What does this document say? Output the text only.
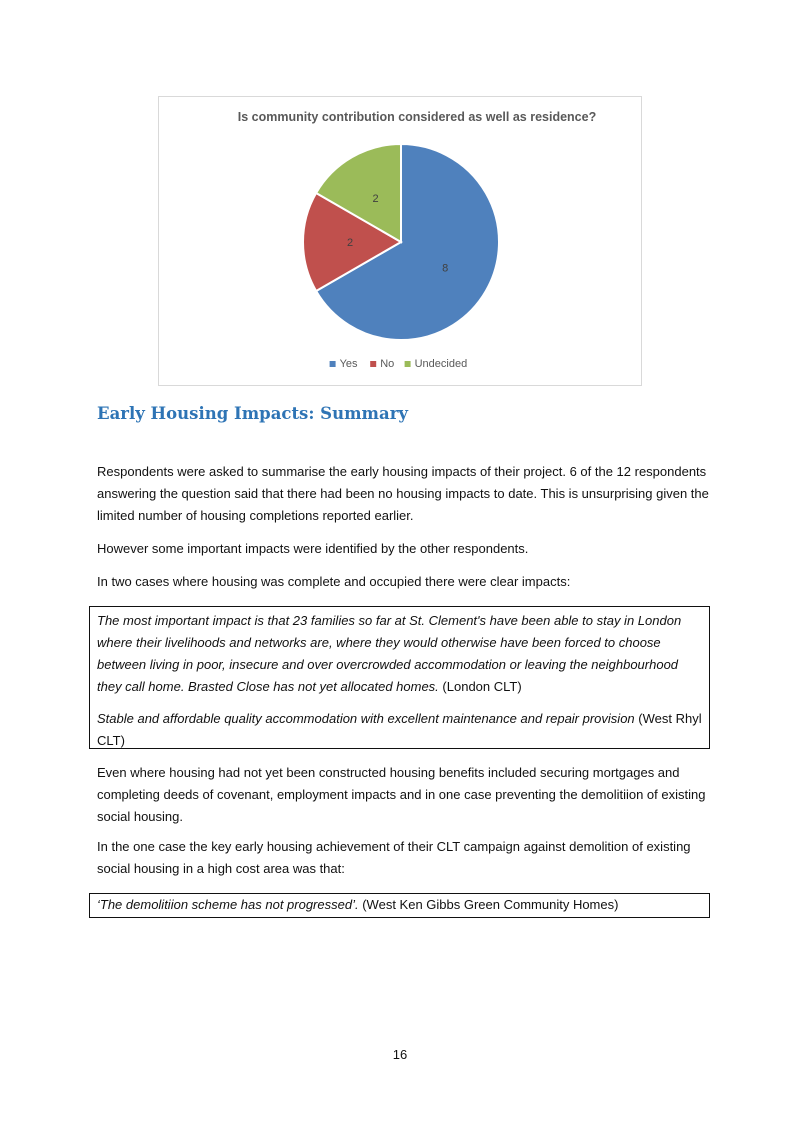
Is community contribution considered as well as residence?
8
2
2
Yes No Undecided
Early Housing Impacts: Summary

Respondents were asked to summarise the early housing impacts of their project. 6 of the 12 respondents answering the question said that there had been no housing impacts to date. This is unsurprising given the limited number of housing completions reported earlier.

However some important impacts were identified by the other respondents.

In two cases where housing was complete and occupied there were clear impacts:

The most important impact is that 23 families so far at St. Clement's have been able to stay in London where their livelihoods and networks are, where they would otherwise have been forced to choose between living in poor, insecure and over overcrowded accommodation or leaving the neighbourhood they call home. Brasted Close has not yet allocated homes. (London CLT)

Stable and affordable quality accommodation with excellent maintenance and repair provision (West Rhyl CLT)

Even where housing had not yet been constructed housing benefits included securing mortgages and completing deeds of covenant, employment impacts and in one case preventing the demolitiion of existing social housing.

In the one case the key early housing achievement of their CLT campaign against demolition of existing social housing in a high cost area was that:

‘The demolitiion scheme has not progressed’. (West Ken Gibbs Green Community Homes)

16
